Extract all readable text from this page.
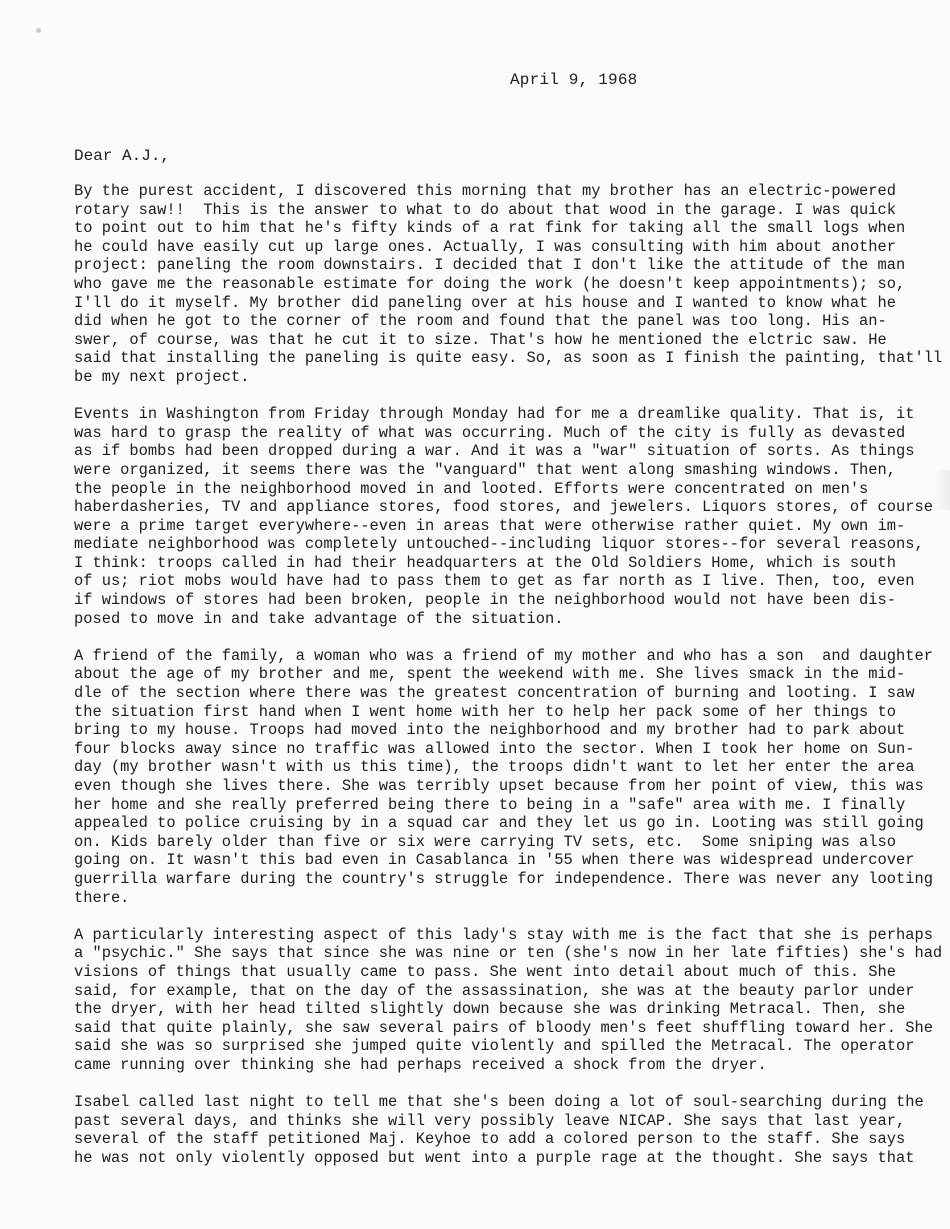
April 9, 1968
Dear A.J.,
By the purest accident, I discovered this morning that my brother has an electric-powered
rotary saw!!  This is the answer to what to do about that wood in the garage. I was quick
to point out to him that he's fifty kinds of a rat fink for taking all the small logs when
he could have easily cut up large ones. Actually, I was consulting with him about another
project: paneling the room downstairs. I decided that I don't like the attitude of the man
who gave me the reasonable estimate for doing the work (he doesn't keep appointments); so,
I'll do it myself. My brother did paneling over at his house and I wanted to know what he
did when he got to the corner of the room and found that the panel was too long. His an-
swer, of course, was that he cut it to size. That's how he mentioned the elctric saw. He
said that installing the paneling is quite easy. So, as soon as I finish the painting, that'll
be my next project.
Events in Washington from Friday through Monday had for me a dreamlike quality. That is, it
was hard to grasp the reality of what was occurring. Much of the city is fully as devasted
as if bombs had been dropped during a war. And it was a "war" situation of sorts. As things
were organized, it seems there was the "vanguard" that went along smashing windows. Then,
the people in the neighborhood moved in and looted. Efforts were concentrated on men's
haberdasheries, TV and appliance stores, food stores, and jewelers. Liquors stores, of course
were a prime target everywhere--even in areas that were otherwise rather quiet. My own im-
mediate neighborhood was completely untouched--including liquor stores--for several reasons,
I think: troops called in had their headquarters at the Old Soldiers Home, which is south
of us; riot mobs would have had to pass them to get as far north as I live. Then, too, even
if windows of stores had been broken, people in the neighborhood would not have been dis-
posed to move in and take advantage of the situation.
A friend of the family, a woman who was a friend of my mother and who has a son  and daughter
about the age of my brother and me, spent the weekend with me. She lives smack in the mid-
dle of the section where there was the greatest concentration of burning and looting. I saw
the situation first hand when I went home with her to help her pack some of her things to
bring to my house. Troops had moved into the neighborhood and my brother had to park about
four blocks away since no traffic was allowed into the sector. When I took her home on Sun-
day (my brother wasn't with us this time), the troops didn't want to let her enter the area
even though she lives there. She was terribly upset because from her point of view, this was
her home and she really preferred being there to being in a "safe" area with me. I finally
appealed to police cruising by in a squad car and they let us go in. Looting was still going
on. Kids barely older than five or six were carrying TV sets, etc.  Some sniping was also
going on. It wasn't this bad even in Casablanca in '55 when there was widespread undercover
guerrilla warfare during the country's struggle for independence. There was never any looting
there.
A particularly interesting aspect of this lady's stay with me is the fact that she is perhaps
a "psychic." She says that since she was nine or ten (she's now in her late fifties) she's had
visions of things that usually came to pass. She went into detail about much of this. She
said, for example, that on the day of the assassination, she was at the beauty parlor under
the dryer, with her head tilted slightly down because she was drinking Metracal. Then, she
said that quite plainly, she saw several pairs of bloody men's feet shuffling toward her. She
said she was so surprised she jumped quite violently and spilled the Metracal. The operator
came running over thinking she had perhaps received a shock from the dryer.
Isabel called last night to tell me that she's been doing a lot of soul-searching during the
past several days, and thinks she will very possibly leave NICAP. She says that last year,
several of the staff petitioned Maj. Keyhoe to add a colored person to the staff. She says
he was not only violently opposed but went into a purple rage at the thought. She says that
